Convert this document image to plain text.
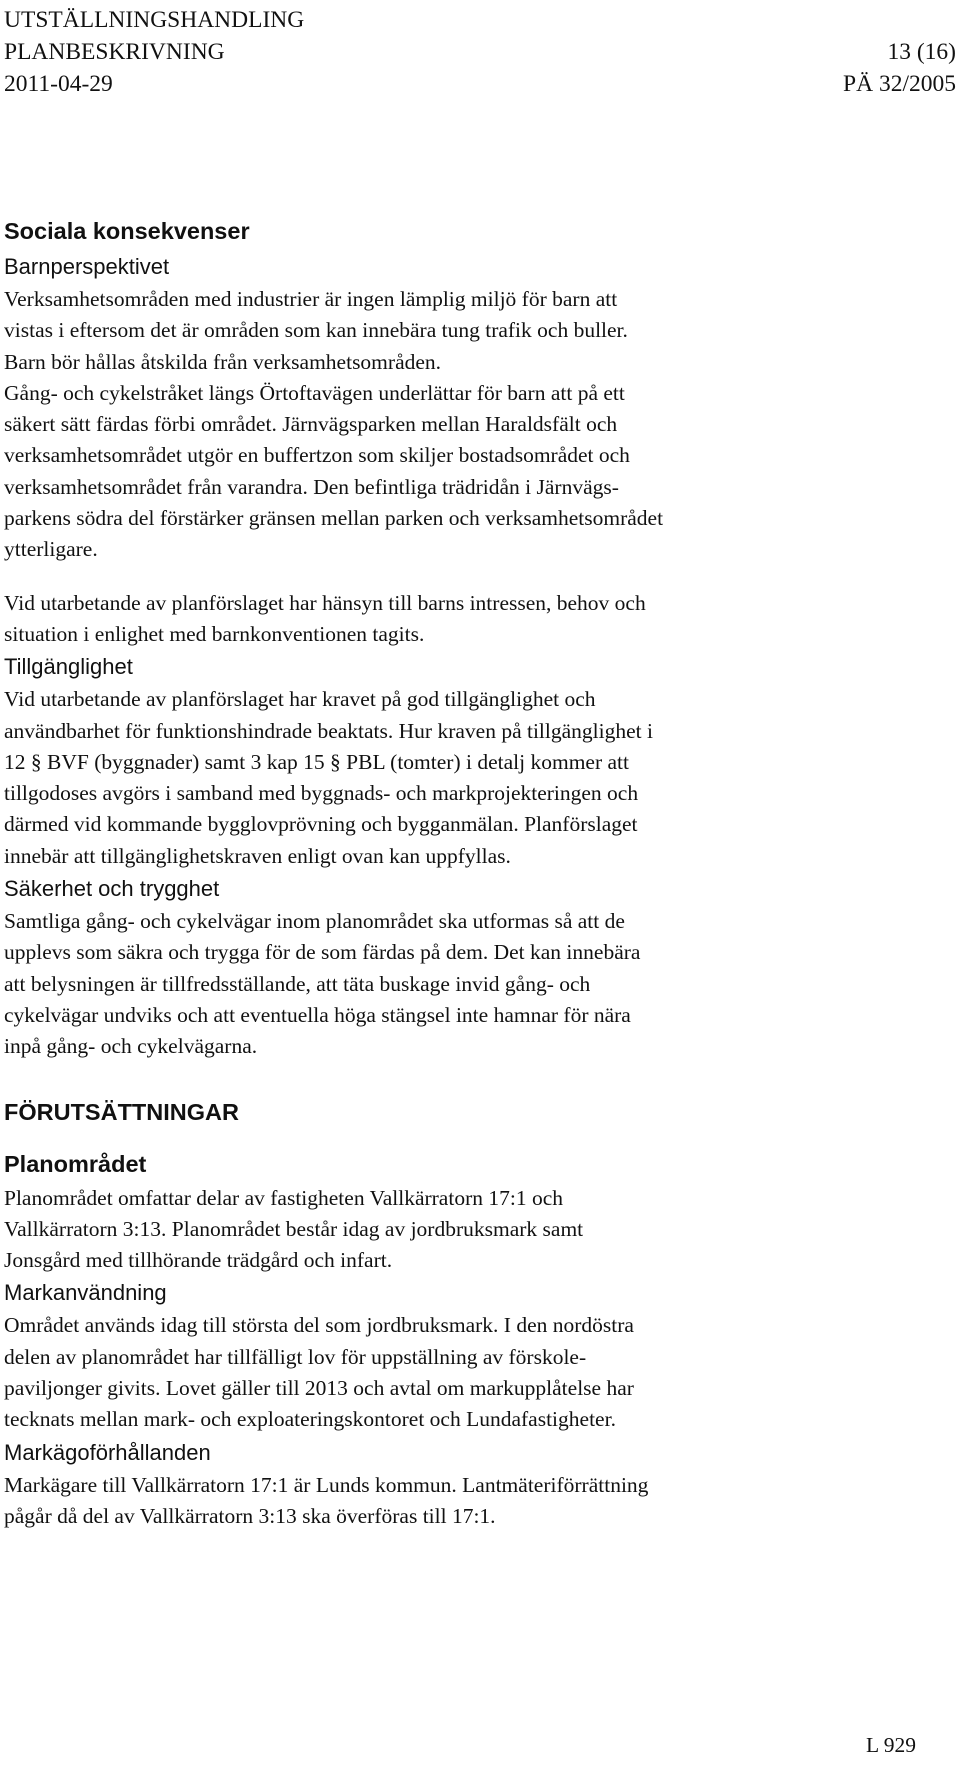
UTSTÄLLNINGSHANDLING
PLANBESKRIVNING	13 (16)
2011-04-29	PÄ 32/2005
Sociala konsekvenser
Barnperspektivet

Verksamhetsområden med industrier är ingen lämplig miljö för barn att
vistas i eftersom det är områden som kan innebära tung trafik och buller.
Barn bör hållas åtskilda från verksamhetsområden.
Gång- och cykelstråket längs Örtoftavägen underlättar för barn att på ett
säkert sätt färdas förbi området. Järnvägsparken mellan Haraldsfält och
verksamhetsområdet utgör en buffertzon som skiljer bostadsområdet och
verksamhetsområdet från varandra. Den befintliga trädridån i Järnvägs-
parkens södra del förstärker gränsen mellan parken och verksamhetsområdet
ytterligare.

Vid utarbetande av planförslaget har hänsyn till barns intressen, behov och
situation i enlighet med barnkonventionen tagits.

Tillgänglighet

Vid utarbetande av planförslaget har kravet på god tillgänglighet och
användbarhet för funktionshindrade beaktats. Hur kraven på tillgänglighet i
12 § BVF (byggnader) samt 3 kap 15 § PBL (tomter) i detalj kommer att
tillgodoses avgörs i samband med byggnads- och markprojekteringen och
därmed vid kommande bygglovprövning och bygganmälan. Planförslaget
innebär att tillgänglighetskraven enligt ovan kan uppfyllas.

Säkerhet och trygghet

Samtliga gång- och cykelvägar inom planområdet ska utformas så att de
upplevs som säkra och trygga för de som färdas på dem. Det kan innebära
att belysningen är tillfredsställande, att täta buskage invid gång- och
cykelvägar undviks och att eventuella höga stängsel inte hamnar för nära
inpå gång- och cykelvägarna.

FÖRUTSÄTTNINGAR
Planområdet

Planområdet omfattar delar av fastigheten Vallkärratorn 17:1 och
Vallkärratorn 3:13. Planområdet består idag av jordbruksmark samt
Jonsgård med tillhörande trädgård och infart.

Markanvändning

Området används idag till största del som jordbruksmark. I den nordöstra
delen av planområdet har tillfälligt lov för uppställning av förskole-
paviljonger givits. Lovet gäller till 2013 och avtal om markupplåtelse har
tecknats mellan mark- och exploateringskontoret och Lundafastigheter.

Markägoförhållanden

Markägare till Vallkärratorn 17:1 är Lunds kommun. Lantmäteriförrättning
pågår då del av Vallkärratorn 3:13 ska överföras till 17:1.

L 929
